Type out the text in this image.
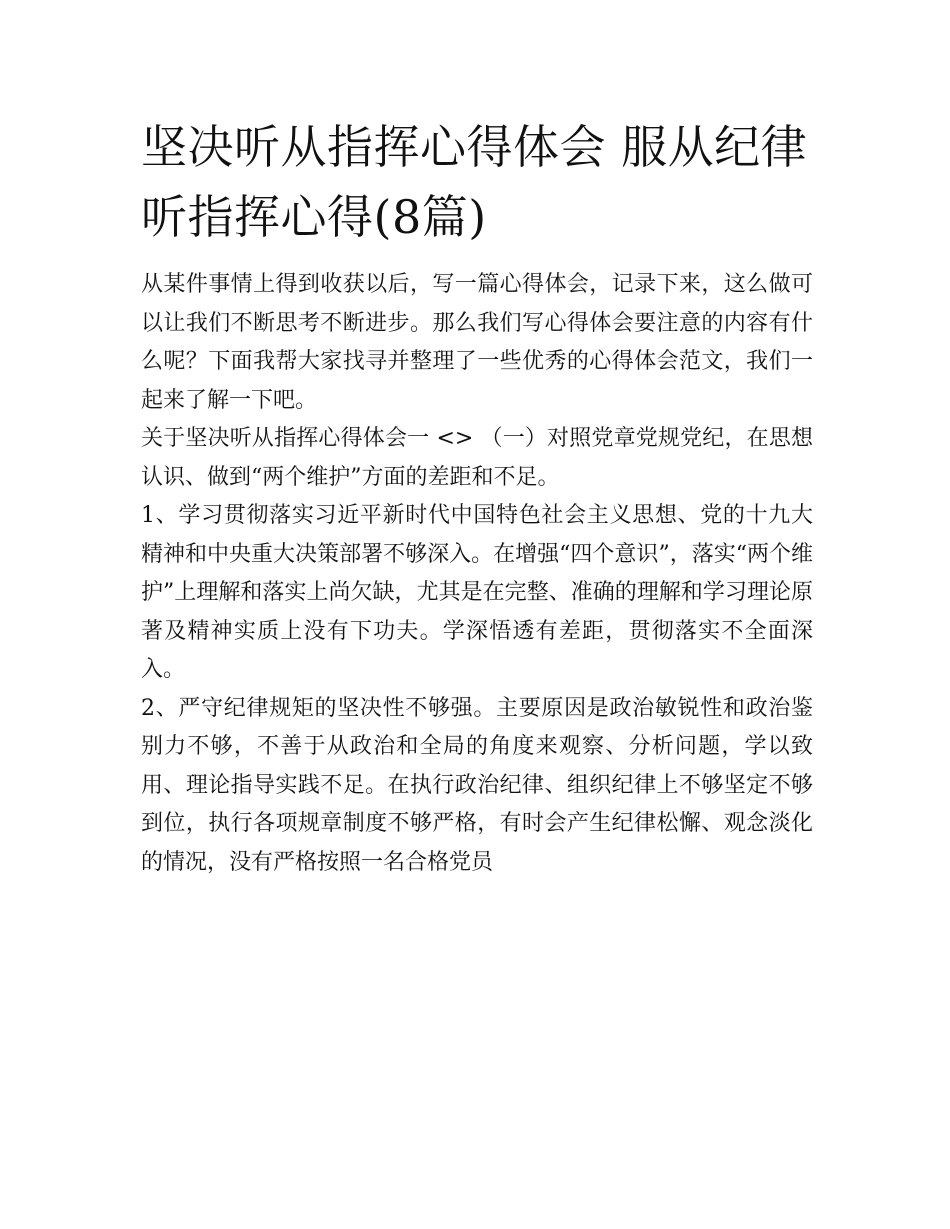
坚决听从指挥心得体会 服从纪律听指挥心得(8篇)

从某件事情上得到收获以后，写一篇心得体会，记录下来，这么做可以让我们不断思考不断进步。那么我们写心得体会要注意的内容有什么呢？下面我帮大家找寻并整理了一些优秀的心得体会范文，我们一起来了解一下吧。

关于坚决听从指挥心得体会一 <> （一）对照党章党规党纪，在思想认识、做到“两个维护”方面的差距和不足。

1、学习贯彻落实习近平新时代中国特色社会主义思想、党的十九大精神和中央重大决策部署不够深入。在增强“四个意识”，落实“两个维护”上理解和落实上尚欠缺，尤其是在完整、准确的理解和学习理论原著及精神实质上没有下功夫。学深悟透有差距，贯彻落实不全面深入。

2、严守纪律规矩的坚决性不够强。主要原因是政治敏锐性和政治鉴别力不够，不善于从政治和全局的角度来观察、分析问题，学以致用、理论指导实践不足。在执行政治纪律、组织纪律上不够坚定不够到位，执行各项规章制度不够严格，有时会产生纪律松懈、观念淡化的情况，没有严格按照一名合格党员
